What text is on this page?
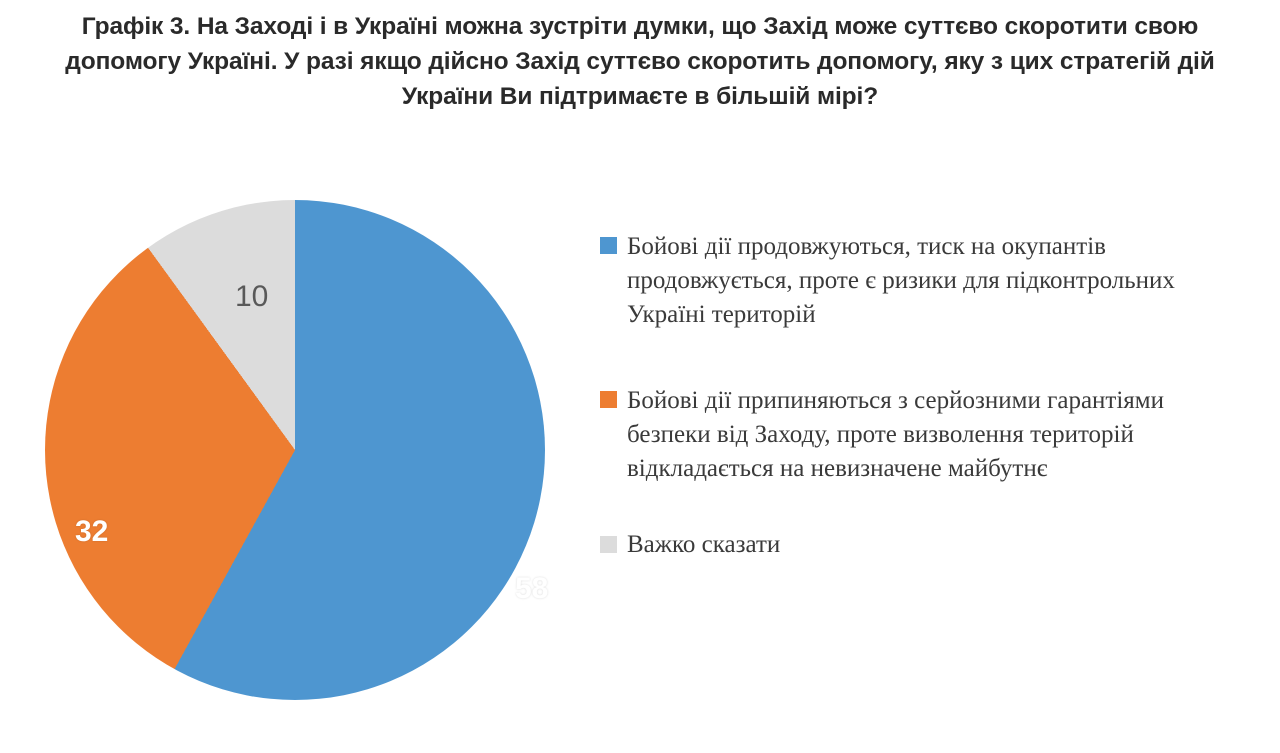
Графік 3. На Заході і в Україні можна зустріти думки, що Захід може суттєво скоротити свою допомогу Україні. У разі якщо дійсно Захід суттєво скоротить допомогу, яку з цих стратегій дій України Ви підтримаєте в більшій мірі?
58
32
10
Бойові дії продовжуються, тиск на окупантів продовжується, проте є ризики для підконтрольних Україні територій
Бойові дії припиняються з серйозними гарантіями безпеки від Заходу, проте визволення територій відкладається на невизначене майбутнє
Важко сказати
